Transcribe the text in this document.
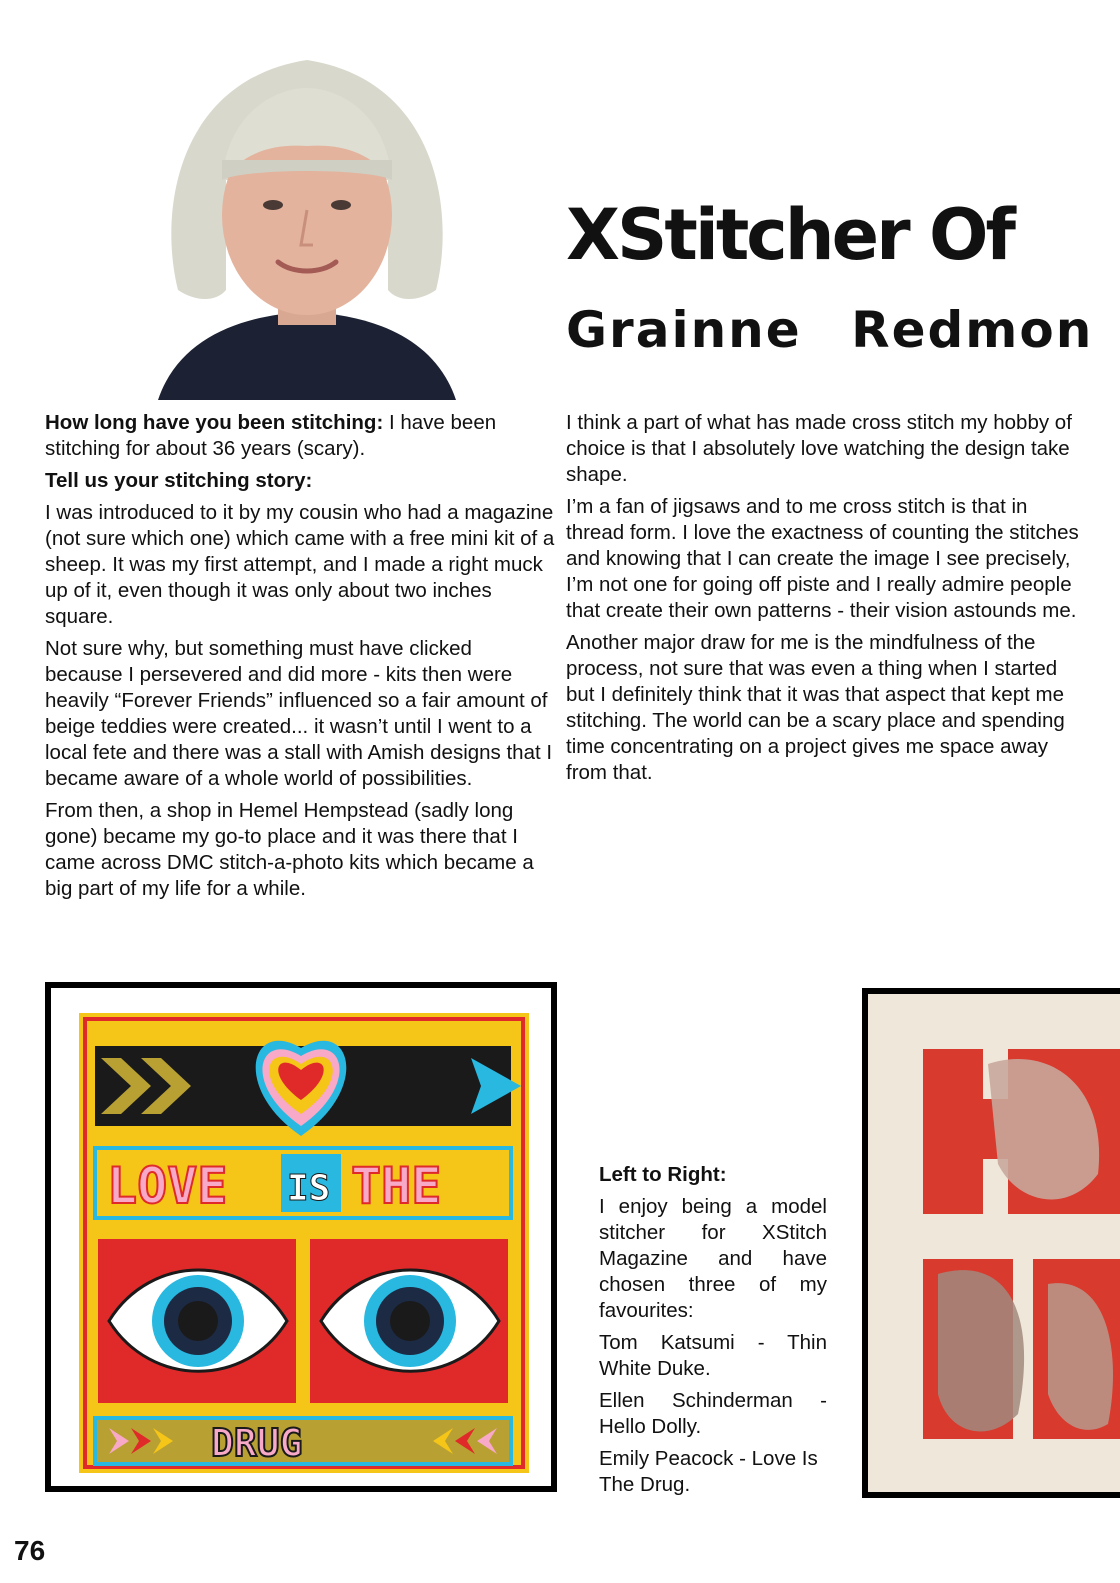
XStitcher Of
Grainne Redmon

How long have you been stitching: I have been stitching for about 36 years (scary).

Tell us your stitching story:

I was introduced to it by my cousin who had a magazine (not sure which one) which came with a free mini kit of a sheep. It was my first attempt, and I made a right muck up of it, even though it was only about two inches square.

Not sure why, but something must have clicked because I persevered and did more - kits then were heavily “Forever Friends” influenced so a fair amount of beige teddies were created... it wasn’t until I went to a local fete and there was a stall with Amish designs that I became aware of a whole world of possibilities.

From then, a shop in Hemel Hempstead (sadly long gone) became my go-to place and it was there that I came across DMC stitch-a-photo kits which became a big part of my life for a while.

I think a part of what has made cross stitch my hobby of choice is that I absolutely love watching the design take shape.

I’m a fan of jigsaws and to me cross stitch is that in thread form. I love the exactness of counting the stitches and knowing that I can create the image I see precisely, I’m not one for going off piste and I really admire people that create their own patterns - their vision astounds me.

Another major draw for me is the mindfulness of the process, not sure that was even a thing when I started but I definitely think that it was that aspect that kept me stitching. The world can be a scary place and spending time concentrating on a project gives me space away from that.

LOVE IS THE
DRUG

Left to Right:

I enjoy being a model stitcher for XStitch Magazine and have chosen three of my favourites:

Tom Katsumi - Thin White Duke.

Ellen Schinderman - Hello Dolly.

Emily Peacock - Love Is The Drug.

76
